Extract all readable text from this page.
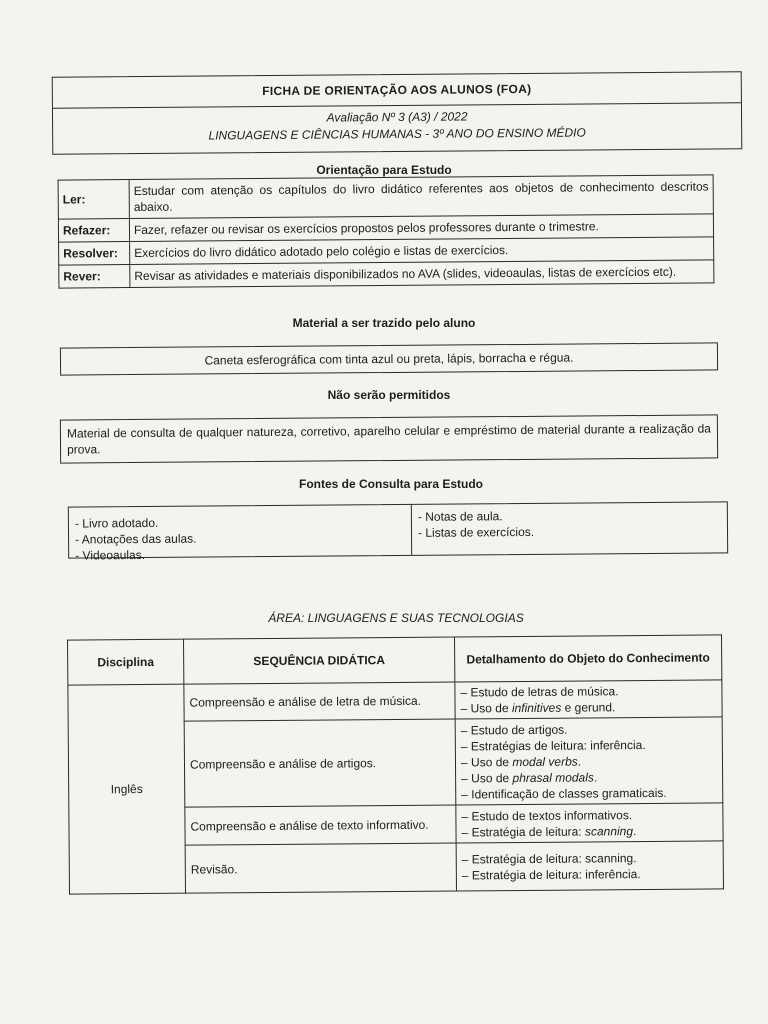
FICHA DE ORIENTAÇÃO AOS ALUNOS (FOA)
Avaliação Nº 3 (A3) / 2022
LINGUAGENS E CIÊNCIAS HUMANAS - 3º ANO DO ENSINO MÉDIO
Orientação para Estudo
Ler:	Estudar com atenção os capítulos do livro didático referentes aos objetos de conhecimento descritos abaixo.
Refazer:	Fazer, refazer ou revisar os exercícios propostos pelos professores durante o trimestre.
Resolver:	Exercícios do livro didático adotado pelo colégio e listas de exercícios.
Rever:	Revisar as atividades e materiais disponibilizados no AVA (slides, videoaulas, listas de exercícios etc).
Material a ser trazido pelo aluno
Caneta esferográfica com tinta azul ou preta, lápis, borracha e régua.
Não serão permitidos
Material de consulta de qualquer natureza, corretivo, aparelho celular e empréstimo de material durante a realização da prova.
Fontes de Consulta para Estudo
- Livro adotado.
- Anotações das aulas.
- Videoaulas.
- Notas de aula.
- Listas de exercícios.
ÁREA: LINGUAGENS E SUAS TECNOLOGIAS
Disciplina	SEQUÊNCIA DIDÁTICA	Detalhamento do Objeto do Conhecimento
Inglês	Compreensão e análise de letra de música.	– Estudo de letras de música.
– Uso de infinitives e gerund.

	Compreensão e análise de artigos.	– Estudo de artigos.
– Estratégias de leitura: inferência.
– Uso de modal verbs.
– Uso de phrasal modals.
– Identificação de classes gramaticais.

	Compreensão e análise de texto informativo.	– Estudo de textos informativos.
– Estratégia de leitura: scanning.

	Revisão.	– Estratégia de leitura: scanning.
– Estratégia de leitura: inferência.
